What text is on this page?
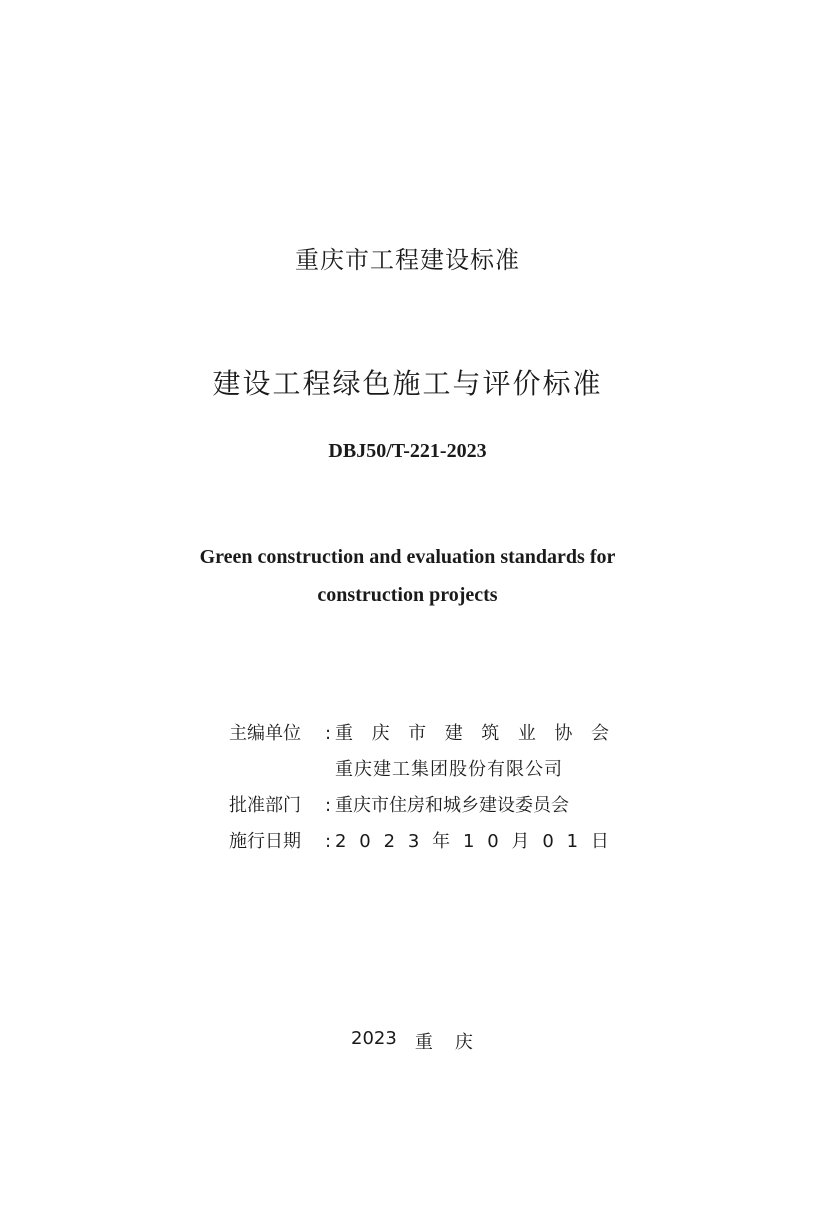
重庆市工程建设标准
建设工程绿色施工与评价标准
DBJ50/T-221-2023
Green construction and evaluation standards for
construction projects
主编单位	: 重 庆 市 建 筑 业 协 会
重庆建工集团股份有限公司
批准部门	: 重庆市住房和城乡建设委员会
施行日期	: 2 0 2 3 年 1 0 月 0 1 日
2023 重 庆
